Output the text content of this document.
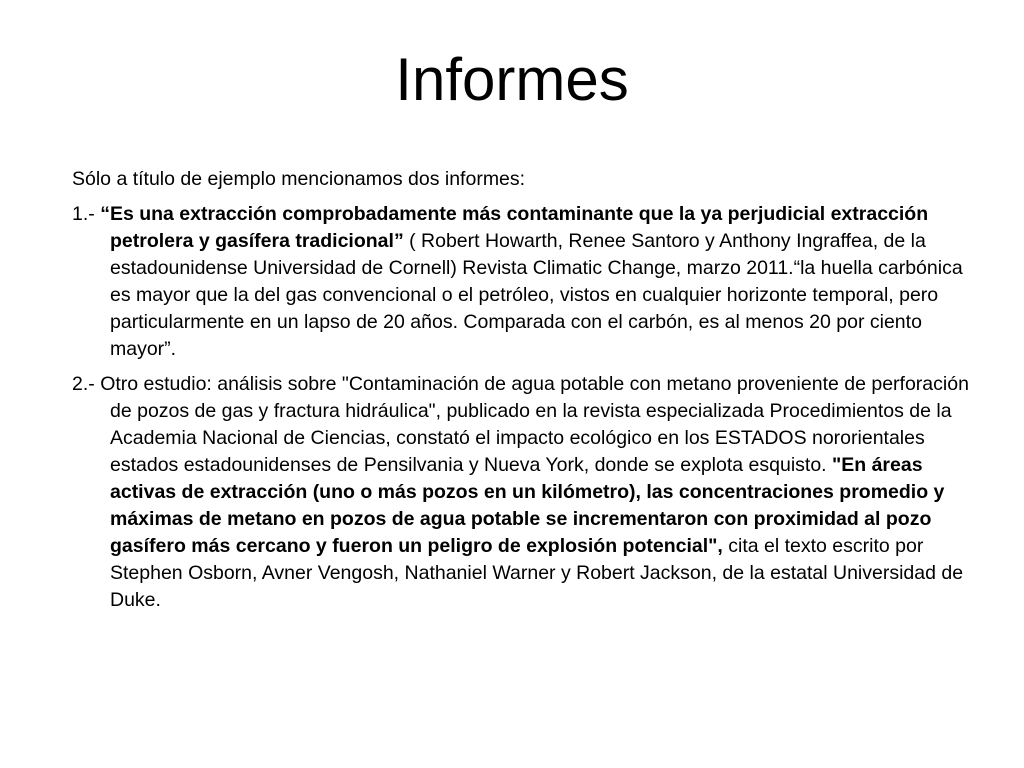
Informes

Sólo a título de ejemplo mencionamos dos informes:

1.- “Es una extracción comprobadamente más contaminante que la ya perjudicial extracción petrolera y gasífera tradicional” ( Robert Howarth, Renee Santoro y Anthony Ingraffea, de la estadounidense Universidad de Cornell) Revista Climatic Change, marzo 2011.“la huella carbónica es mayor que la del gas convencional o el petróleo, vistos en cualquier horizonte temporal, pero particularmente en un lapso de 20 años. Comparada con el carbón, es al menos 20 por ciento mayor”.

2.- Otro estudio: análisis sobre "Contaminación de agua potable con metano proveniente de perforación de pozos de gas y fractura hidráulica", publicado en la revista especializada Procedimientos de la Academia Nacional de Ciencias, constató el impacto ecológico en los ESTADOS nororientales estados estadounidenses de Pensilvania y Nueva York, donde se explota esquisto. "En áreas activas de extracción (uno o más pozos en un kilómetro), las concentraciones promedio y máximas de metano en pozos de agua potable se incrementaron con proximidad al pozo gasífero más cercano y fueron un peligro de explosión potencial", cita el texto escrito por Stephen Osborn, Avner Vengosh, Nathaniel Warner y Robert Jackson, de la estatal Universidad de Duke.
